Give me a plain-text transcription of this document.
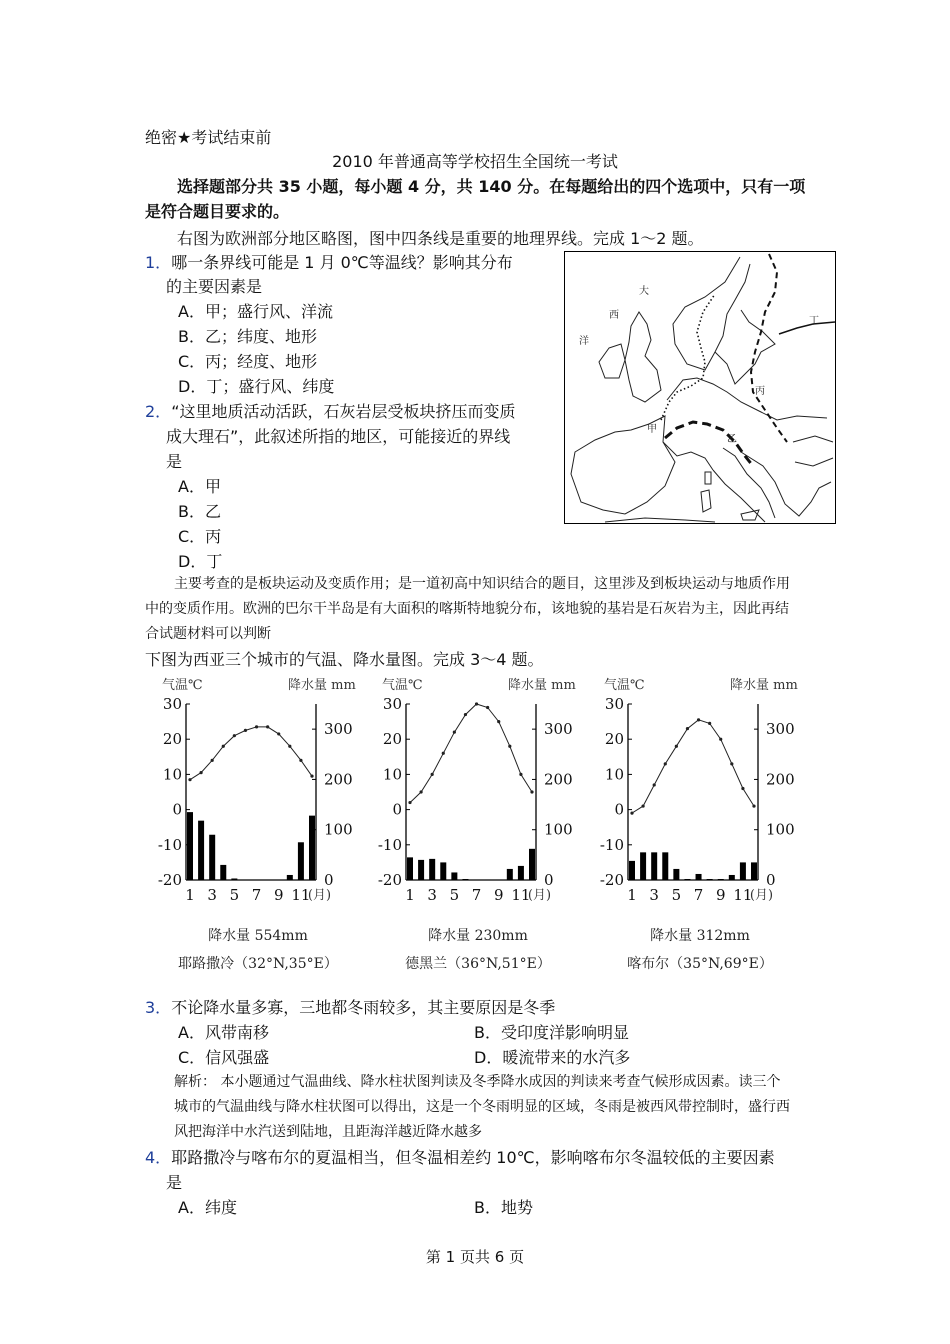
绝密★考试结束前
2010 年普通高等学校招生全国统一考试
选择题部分共 35 小题，每小题 4 分，共 140 分。在每题给出的四个选项中，只有一项
是符合题目要求的。
右图为欧洲部分地区略图，图中四条线是重要的地理界线。完成 1～2 题。
1．哪一条界线可能是 1 月 0℃等温线？影响其分布
的主要因素是
A．甲；盛行风、洋流
B．乙；纬度、地形
C．丙；经度、地形
D．丁；盛行风、纬度
2．“这里地质活动活跃，石灰岩层受板块挤压而变质
成大理石”，此叙述所指的地区，可能接近的界线
是
A．甲
B．乙
C．丙
D．丁
大
西
洋
甲
乙
丙
丁
主要考查的是板块运动及变质作用；是一道初高中知识结合的题目，这里涉及到板块运动与地质作用
中的变质作用。欧洲的巴尔干半岛是有大面积的喀斯特地貌分布，该地貌的基岩是石灰岩为主，因此再结
合试题材料可以判断
下图为西亚三个城市的气温、降水量图。完成 3～4 题。
气温℃	降水量 mm
30
20
10
0
-10
-20
300
200
100
0
1 3 5 7 9 11
(月)
降水量 554mm
耶路撒冷（32°N,35°E）
气温℃	降水量 mm
30
20
10
0
-10
-20
300
200
100
0
1 3 5 7 9 11
(月)
降水量 230mm
德黑兰（36°N,51°E）
气温℃	降水量 mm
30
20
10
0
-10
-20
300
200
100
0
1 3 5 7 9 11
(月)
降水量 312mm
喀布尔（35°N,69°E）
3．不论降水量多寡，三地都冬雨较多，其主要原因是冬季
A．风带南移	B．受印度洋影响明显
C．信风强盛	D．暖流带来的水汽多
解析： 本小题通过气温曲线、降水柱状图判读及冬季降水成因的判读来考查气候形成因素。读三个
城市的气温曲线与降水柱状图可以得出，这是一个冬雨明显的区域，冬雨是被西风带控制时，盛行西
风把海洋中水汽送到陆地，且距海洋越近降水越多
4．耶路撒冷与喀布尔的夏温相当，但冬温相差约 10℃，影响喀布尔冬温较低的主要因素
是
A．纬度	B．地势
第 1 页共 6 页
